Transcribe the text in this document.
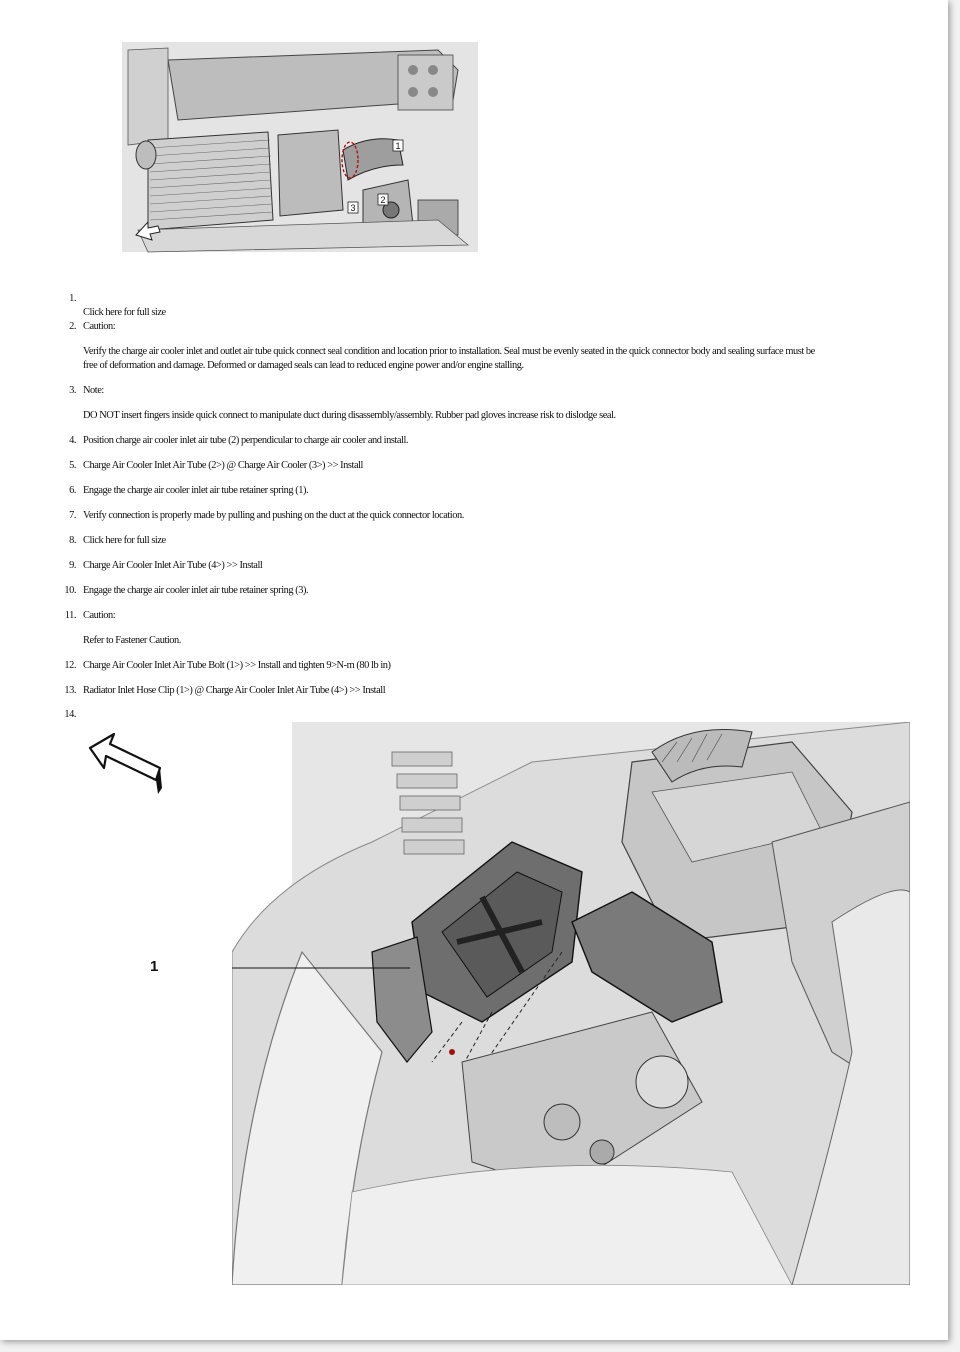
1
2
3
1.
Click here for full size
2. Caution:
Verify the charge air cooler inlet and outlet air tube quick connect seal condition and location prior to installation. Seal must be evenly seated in the quick connector body and sealing surface must be
free of deformation and damage. Deformed or damaged seals can lead to reduced engine power and/or engine stalling.
3. Note:
DO NOT insert fingers inside quick connect to manipulate duct during disassembly/assembly. Rubber pad gloves increase risk to dislodge seal.
4. Position charge air cooler inlet air tube (2) perpendicular to charge air cooler and install.
5. Charge Air Cooler Inlet Air Tube (2>) @ Charge Air Cooler (3>) >> Install
6. Engage the charge air cooler inlet air tube retainer spring (1).
7. Verify connection is properly made by pulling and pushing on the duct at the quick connector location.
8. Click here for full size
9. Charge Air Cooler Inlet Air Tube (4>) >> Install
10. Engage the charge air cooler inlet air tube retainer spring (3).
11. Caution:
Refer to Fastener Caution.
12. Charge Air Cooler Inlet Air Tube Bolt (1>) >> Install and tighten 9>N-m (80 lb in)
13. Radiator Inlet Hose Clip (1>) @ Charge Air Cooler Inlet Air Tube (4>) >> Install
14.
1
